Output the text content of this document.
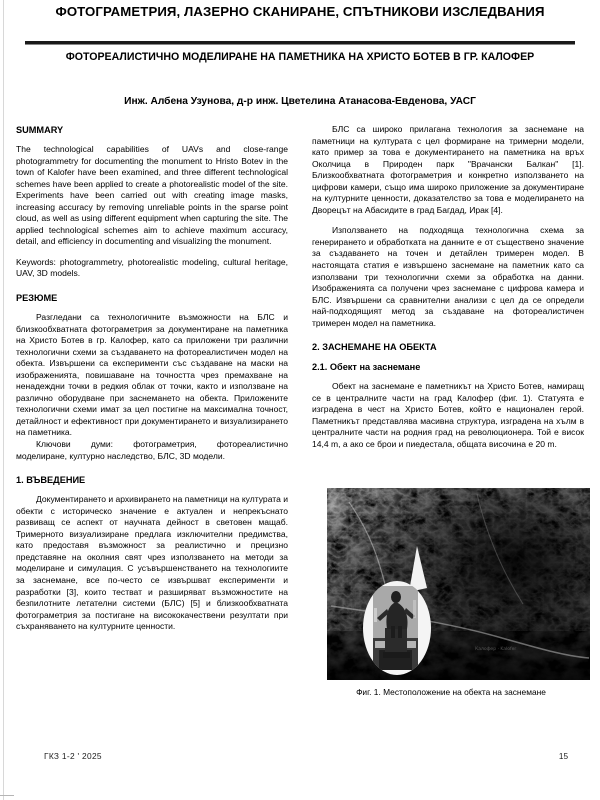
ФОТОГРАМЕТРИЯ, ЛАЗЕРНО СКАНИРАНЕ, СПЪТНИКОВИ ИЗСЛЕДВАНИЯ
ФОТОРЕАЛИСТИЧНО МОДЕЛИРАНЕ НА ПАМЕТНИКА НА ХРИСТО БОТЕВ В ГР. КАЛОФЕР
Инж. Албена Узунова, д-р инж. Цветелина Атанасова-Евденова, УАСГ
SUMMARY

The technological capabilities of UAVs and close-range photogrammetry for documenting the monument to Hristo Botev in the town of Kalofer have been examined, and three different technological schemes have been applied to create a photorealistic model of the site. Experiments have been carried out with creating image masks, increasing accuracy by removing unreliable points in the sparse point cloud, as well as using different equipment when capturing the site. The applied technological schemes aim to achieve maximum accuracy, detail, and efficiency in documenting and visualizing the monument.

Keywords: photogrammetry, photorealistic modeling, cultural heritage, UAV, 3D models.

РЕЗЮМЕ

Разгледани са технологичните възможности на БЛС и близкообхватната фотограметрия за документиране на паметника на Христо Ботев в гр. Калофер, като са приложени три различни технологични схеми за създаването на фотореалистичен модел на обекта. Извършени са експерименти със създаване на маски на изображенията, повишаване на точността чрез премахване на ненадеждни точки в редкия облак от точки, както и използване на различно оборудване при заснемането на обекта. Приложените технологични схеми имат за цел постигне на максимална точност, детайлност и ефективност при документирането и визуализирането на паметника.

Ключови думи: фотограметрия, фотореалистично моделиране, културно наследство, БЛС, 3D модели.

1. ВЪВЕДЕНИЕ

Документирането и архивирането на паметници на културата и обекти с историческо значение е актуален и непрекъснато развиващ се аспект от научната дейност в световен мащаб. Тримерното визуализиране предлага изключителни предимства, като предоставя възможност за реалистично и прецизно представяне на околния свят чрез използването на методи за моделиране и симулация. С усъвършенстването на технологиите за заснемане, все по-често се извършват експерименти и разработки [3], които тестват и разширяват възможностите на безпилотните летателни системи (БЛС) [5] и близкообхватната фотограметрия за постигане на висококачествени резултати при съхраняването на културните ценности.

БЛС са широко прилагана технология за заснемане на паметници на културата с цел формиране на тримерни модели, като пример за това е документирането на паметника на връх Околчица в Природен парк "Врачански Балкан" [1]. Близкообхватната фотограметрия и конкретно използването на цифрови камери, също има широко приложение за документиране на културните ценности, доказателство за това е моделирането на Дворецът на Абасидите в град Багдад, Ирак [4].

Използването на подходяща технологична схема за генерирането и обработката на данните е от съществено значение за създаването на точен и детайлен тримерен модел. В настоящата статия е извършено заснемане на паметник като са използвани три технологични схеми за обработка на данни. Изображенията са получени чрез заснемане с цифрова камера и БЛС. Извършени са сравнителни анализи с цел да се определи най-подходящият метод за създаване на фотореалистичен тримерен модел на паметника.

2. ЗАСНЕМАНЕ НА ОБЕКТА
2.1. Обект на заснемане

Обект на заснемане е паметникът на Христо Ботев, намиращ се в централните части на град Калофер (фиг. 1). Статуята е изградена в чест на Христо Ботев, който е национален герой. Паметникът представлява масивна структура, изградена на хълм в централните части на родния град на революционера. Той е висок 14,4 m, а ако се брои и пиедестала, общата височина е 20 m.

Калофер · Kalofer
Фиг. 1. Местоположение на обекта на заснемане
ГКЗ 1-2 ' 2025	15
